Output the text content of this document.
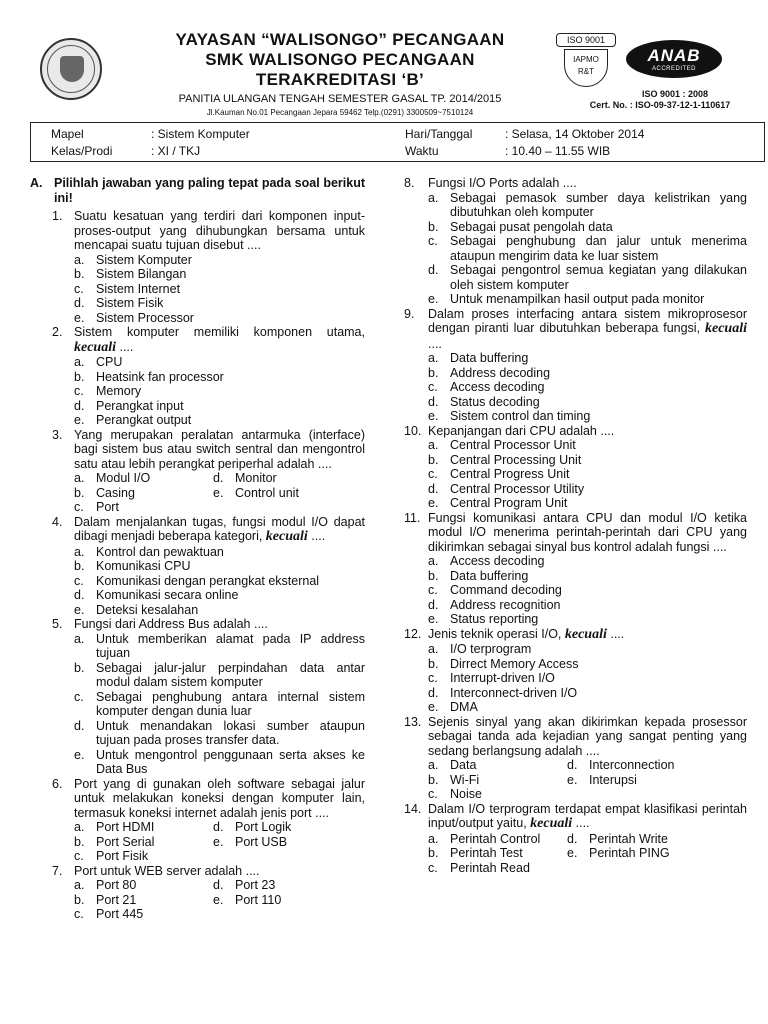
YAYASAN “WALISONGO” PECANGAAN
SMK WALISONGO PECANGAAN
TERAKREDITASI ‘B’
PANITIA ULANGAN TENGAH SEMESTER GASAL TP. 2014/2015
Jl.Kauman No.01 Pecangaan Jepara 59462 Telp.(0291) 3300509~7510124
ISO 9001
IAPMO
R&T
ANAB
ACCREDITED
ISO 9001 : 2008
Cert. No. : ISO-09-37-12-1-110617
Mapel	: Sistem Komputer
Kelas/Prodi	: XI / TKJ
Hari/Tanggal	: Selasa, 14 Oktober 2014
Waktu	: 10.40 – 11.55 WIB
A. Pilihlah jawaban yang paling tepat pada soal berikut ini!
1. Suatu kesatuan yang terdiri dari komponen input-proses-output yang dihubungkan bersama untuk mencapai suatu tujuan disebut ....
a. Sistem Komputer
b. Sistem Bilangan
c. Sistem Internet
d. Sistem Fisik
e. Sistem Processor
2. Sistem komputer memiliki komponen utama, kecuali ....
a. CPU
b. Heatsink fan processor
c. Memory
d. Perangkat input
e. Perangkat output
3. Yang merupakan peralatan antarmuka (interface) bagi sistem bus atau switch sentral dan mengontrol satu atau lebih perangkat periperhal adalah ....
a. Modul I/O	d. Monitor
b. Casing	e. Control unit
c. Port
4. Dalam menjalankan tugas, fungsi modul I/O dapat dibagi menjadi beberapa kategori, kecuali ....
a. Kontrol dan pewaktuan
b. Komunikasi CPU
c. Komunikasi dengan perangkat eksternal
d. Komunikasi secara online
e. Deteksi kesalahan
5. Fungsi dari Address Bus adalah ....
a. Untuk memberikan alamat pada IP address tujuan
b. Sebagai jalur-jalur perpindahan data antar modul dalam sistem komputer
c. Sebagai penghubung antara internal sistem komputer dengan dunia luar
d. Untuk menandakan lokasi sumber ataupun tujuan pada proses transfer data.
e. Untuk mengontrol penggunaan serta akses ke Data Bus
6. Port yang di gunakan oleh software sebagai jalur untuk melakukan koneksi dengan komputer lain, termasuk koneksi internet adalah jenis port ....
a. Port HDMI	d. Port Logik
b. Port Serial	e. Port USB
c. Port Fisik
7. Port untuk WEB server adalah ....
a. Port 80	d. Port 23
b. Port 21	e. Port 110
c. Port 445
8.	Fungsi I/O Ports adalah ....
a. Sebagai pemasok sumber daya kelistrikan yang dibutuhkan oleh komputer
b. Sebagai pusat pengolah data
c. Sebagai penghubung dan jalur untuk menerima ataupun mengirim data ke luar sistem
d. Sebagai pengontrol semua kegiatan yang dilakukan oleh sistem komputer
e. Untuk menampilkan hasil output pada monitor
9.	Dalam proses interfacing antara sistem mikroprosesor dengan piranti luar dibutuhkan beberapa fungsi, kecuali ....
a. Data buffering
b. Address decoding
c. Access decoding
d. Status decoding
e. Sistem control dan timing
10. Kepanjangan dari CPU adalah ....
a. Central Processor Unit
b. Central Processing Unit
c. Central Progress Unit
d. Central Processor Utility
e. Central Program Unit
11. Fungsi komunikasi antara CPU dan modul I/O ketika modul I/O menerima perintah-perintah dari CPU yang dikirimkan sebagai sinyal bus kontrol adalah fungsi ....
a. Access decoding
b. Data buffering
c. Command decoding
d. Address recognition
e. Status reporting
12. Jenis teknik operasi I/O, kecuali ....
a. I/O terprogram
b. Dirrect Memory Access
c. Interrupt-driven I/O
d. Interconnect-driven I/O
e. DMA
13. Sejenis sinyal yang akan dikirimkan kepada prosessor sebagai tanda ada kejadian yang sangat penting yang sedang berlangsung adalah ....
a. Data	d. Interconnection
b. Wi-Fi	e. Interupsi
c. Noise
14. Dalam I/O terprogram terdapat empat klasifikasi perintah input/output yaitu, kecuali ....
a. Perintah Control	d. Perintah Write
b. Perintah Test	e. Perintah PING
c. Perintah Read
